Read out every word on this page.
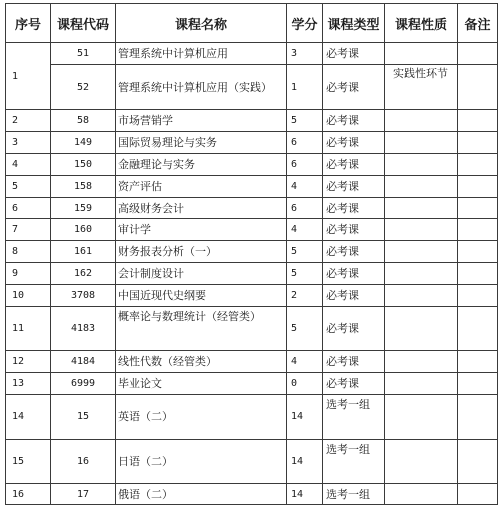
序号	课程代码	课程名称	学分	课程类型	课程性质	备注
1	51	管理系统中计算机应用	3	必考课		
	52	管理系统中计算机应用（实践）	1	必考课	实践性环节	
2	58	市场营销学	5	必考课		
3	149	国际贸易理论与实务	6	必考课		
4	150	金融理论与实务	6	必考课		
5	158	资产评估	4	必考课		
6	159	高级财务会计	6	必考课		
7	160	审计学	4	必考课		
8	161	财务报表分析（一）	5	必考课		
9	162	会计制度设计	5	必考课		
10	3708	中国近现代史纲要	2	必考课		
11	4183	概率论与数理统计（经管类）	5	必考课		
12	4184	线性代数（经管类）	4	必考课		
13	6999	毕业论文	0	必考课		
14	15	英语（二）	14	选考一组		
15	16	日语（二）	14	选考一组		
16	17	俄语（二）	14	选考一组		
